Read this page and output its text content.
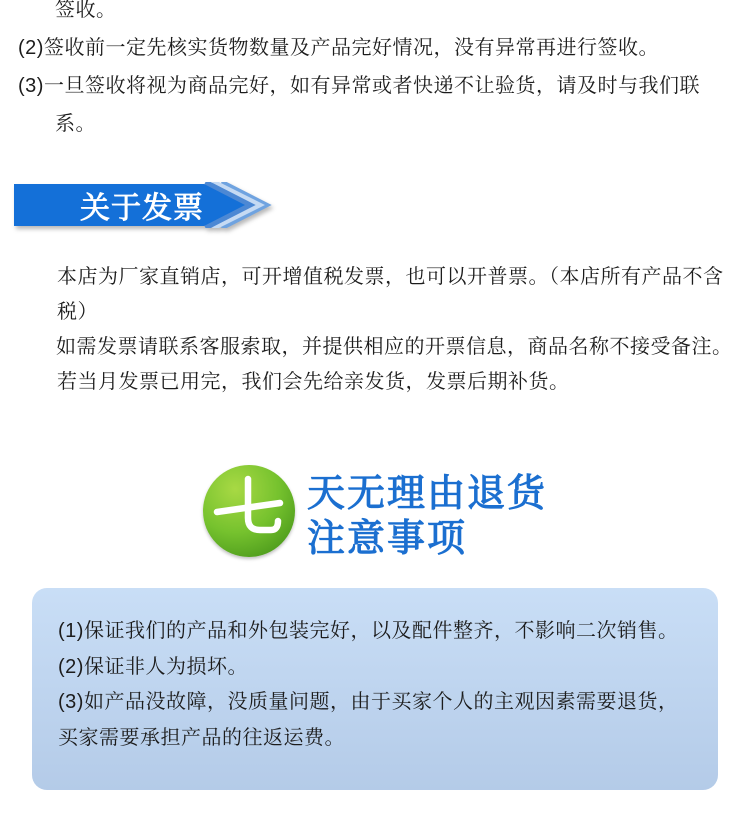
签收。
(2)签收前一定先核实货物数量及产品完好情况，没有异常再进行签收。
(3)一旦签收将视为商品完好，如有异常或者快递不让验货，请及时与我们联
系。
关于发票
本店为厂家直销店，可开增值税发票，也可以开普票。（本店所有产品不含
税）
如需发票请联系客服索取，并提供相应的开票信息，商品名称不接受备注。
若当月发票已用完，我们会先给亲发货，发票后期补货。
天无理由退货
注意事项
(1)保证我们的产品和外包装完好，以及配件整齐，不影响二次销售。
(2)保证非人为损坏。
(3)如产品没故障，没质量问题，由于买家个人的主观因素需要退货，
买家需要承担产品的往返运费。
